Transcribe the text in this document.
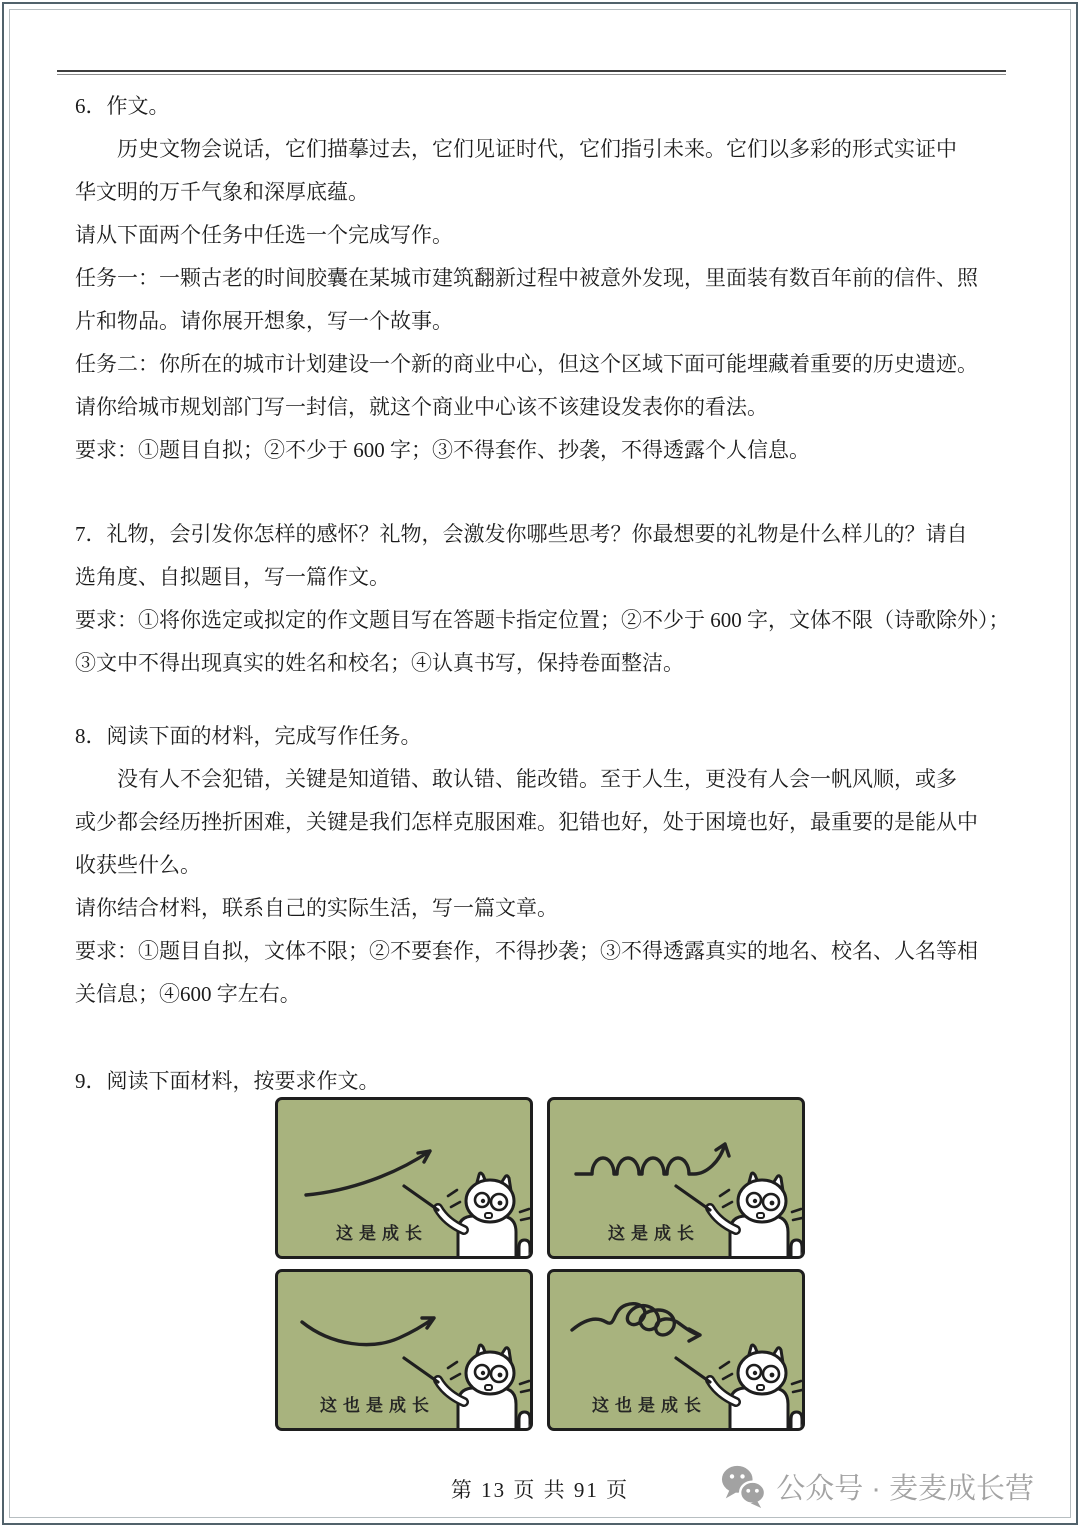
6．作文。
历史文物会说话，它们描摹过去，它们见证时代，它们指引未来。它们以多彩的形式实证中
华文明的万千气象和深厚底蕴。
请从下面两个任务中任选一个完成写作。
任务一：一颗古老的时间胶囊在某城市建筑翻新过程中被意外发现，里面装有数百年前的信件、照
片和物品。请你展开想象，写一个故事。
任务二：你所在的城市计划建设一个新的商业中心，但这个区域下面可能埋藏着重要的历史遗迹。
请你给城市规划部门写一封信，就这个商业中心该不该建设发表你的看法。
要求：①题目自拟；②不少于 600 字；③不得套作、抄袭，不得透露个人信息。
7．礼物，会引发你怎样的感怀？礼物，会激发你哪些思考？你最想要的礼物是什么样儿的？请自
选角度、自拟题目，写一篇作文。
要求：①将你选定或拟定的作文题目写在答题卡指定位置；②不少于 600 字，文体不限（诗歌除外）；
③文中不得出现真实的姓名和校名；④认真书写，保持卷面整洁。
8．阅读下面的材料，完成写作任务。
没有人不会犯错，关键是知道错、敢认错、能改错。至于人生，更没有人会一帆风顺，或多
或少都会经历挫折困难，关键是我们怎样克服困难。犯错也好，处于困境也好，最重要的是能从中
收获些什么。
请你结合材料，联系自己的实际生活，写一篇文章。
要求：①题目自拟，文体不限；②不要套作，不得抄袭；③不得透露真实的地名、校名、人名等相
关信息；④600 字左右。
9．阅读下面材料，按要求作文。
这是成长	这是成长
这也是成长	这也是成长
第 13 页 共 91 页	公众号 · 麦麦成长营
